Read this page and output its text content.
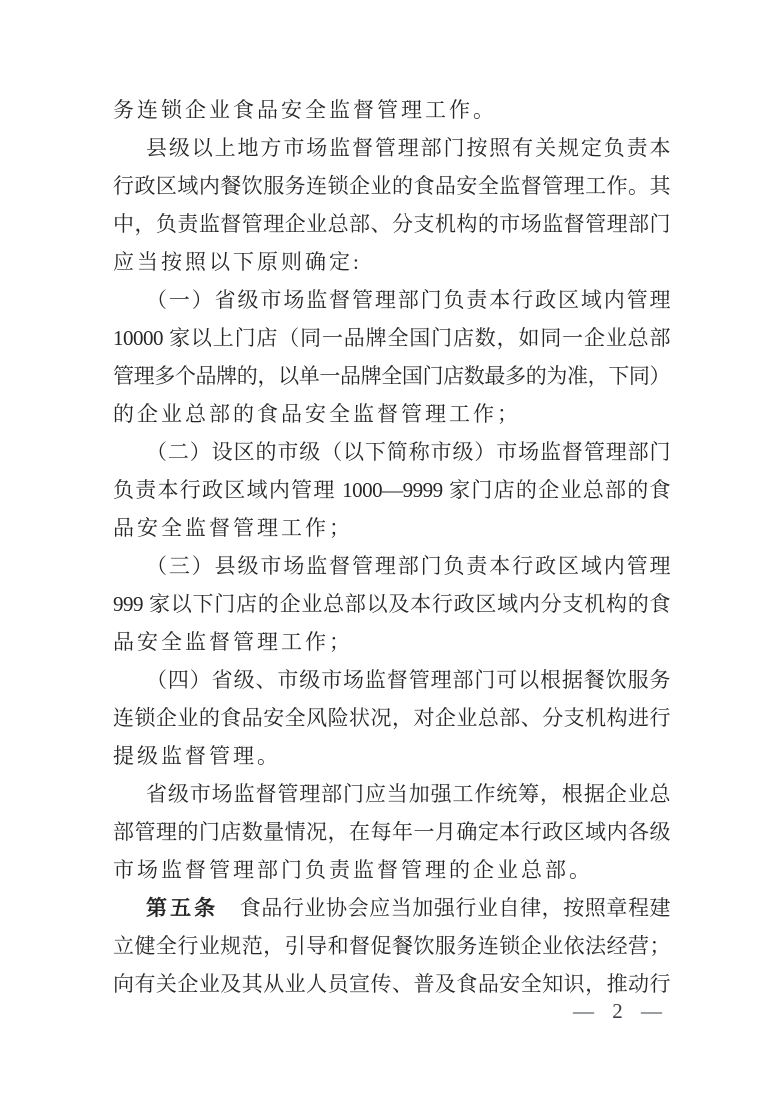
务连锁企业食品安全监督管理工作。
县级以上地方市场监督管理部门按照有关规定负责本
行政区域内餐饮服务连锁企业的食品安全监督管理工作。其
中，负责监督管理企业总部、分支机构的市场监督管理部门
应当按照以下原则确定:
（一）省级市场监督管理部门负责本行政区域内管理
10000 家以上门店（同一品牌全国门店数，如同一企业总部
管理多个品牌的，以单一品牌全国门店数最多的为准，下同）
的企业总部的食品安全监督管理工作；
（二）设区的市级（以下简称市级）市场监督管理部门
负责本行政区域内管理 1000—9999 家门店的企业总部的食
品安全监督管理工作；
（三）县级市场监督管理部门负责本行政区域内管理
999 家以下门店的企业总部以及本行政区域内分支机构的食
品安全监督管理工作；
（四）省级、市级市场监督管理部门可以根据餐饮服务
连锁企业的食品安全风险状况，对企业总部、分支机构进行
提级监督管理。
省级市场监督管理部门应当加强工作统筹，根据企业总
部管理的门店数量情况，在每年一月确定本行政区域内各级
市场监督管理部门负责监督管理的企业总部。
第五条　食品行业协会应当加强行业自律，按照章程建
立健全行业规范，引导和督促餐饮服务连锁企业依法经营；
向有关企业及其从业人员宣传、普及食品安全知识，推动行
— 2 —
